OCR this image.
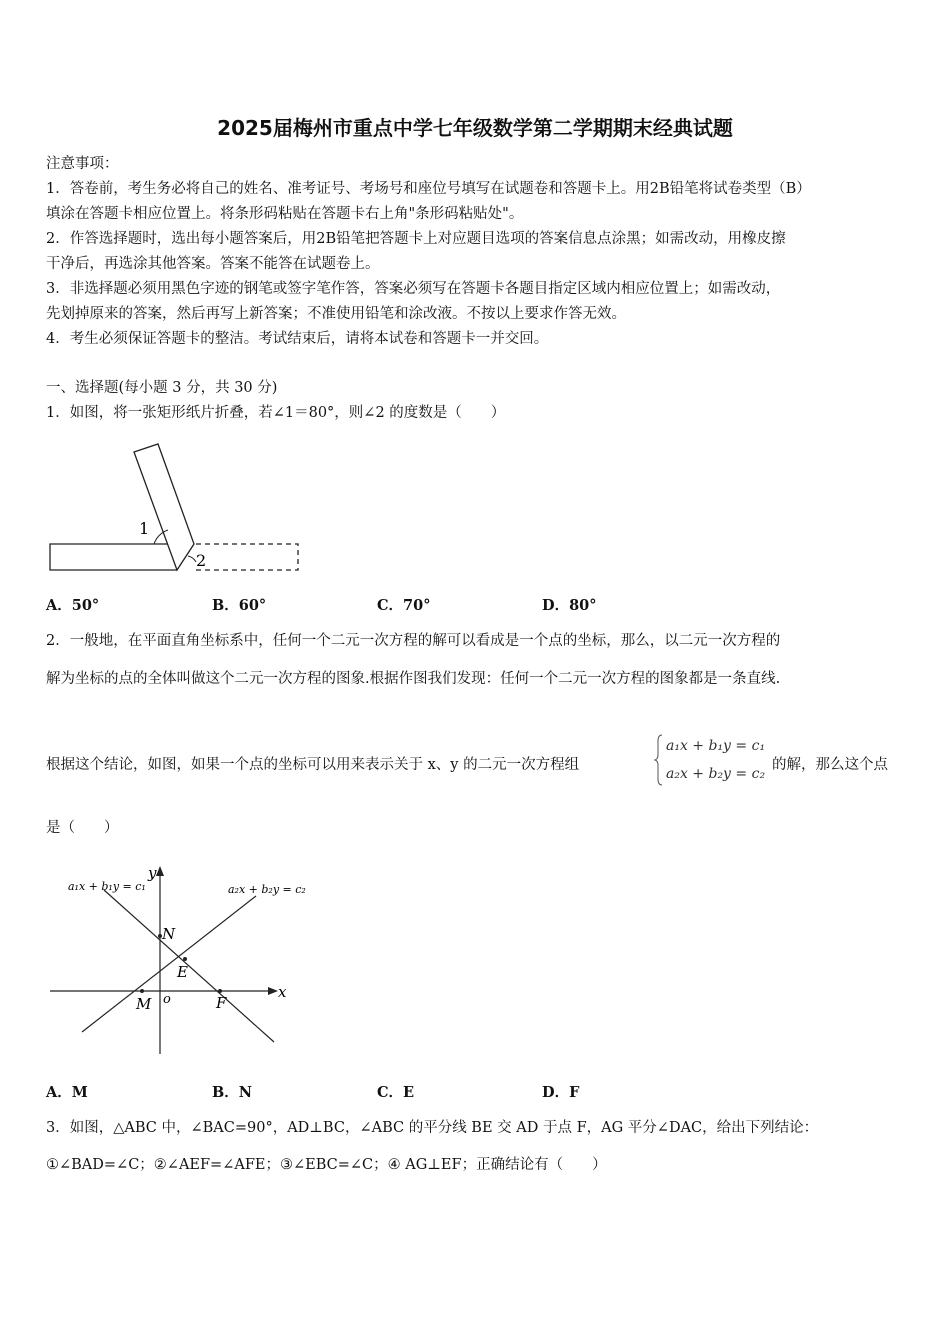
2025届梅州市重点中学七年级数学第二学期期末经典试题
注意事项：
1．答卷前，考生务必将自己的姓名、准考证号、考场号和座位号填写在试题卷和答题卡上。用2B铅笔将试卷类型（B）
填涂在答题卡相应位置上。将条形码粘贴在答题卡右上角"条形码粘贴处"。
2．作答选择题时，选出每小题答案后，用2B铅笔把答题卡上对应题目选项的答案信息点涂黑；如需改动，用橡皮擦
干净后，再选涂其他答案。答案不能答在试题卷上。
3．非选择题必须用黑色字迹的钢笔或签字笔作答，答案必须写在答题卡各题目指定区域内相应位置上；如需改动，
先划掉原来的答案，然后再写上新答案；不准使用铅笔和涂改液。不按以上要求作答无效。
4．考生必须保证答题卡的整洁。考试结束后，请将本试卷和答题卡一并交回。
一、选择题(每小题 3 分，共 30 分)
1．如图，将一张矩形纸片折叠，若∠1＝80°，则∠2 的度数是（　　）
1
2
A．50°	B．60°	C．70°	D．80°
2．一般地，在平面直角坐标系中，任何一个二元一次方程的解可以看成是一个点的坐标，那么，以二元一次方程的
解为坐标的点的全体叫做这个二元一次方程的图象.根据作图我们发现：任何一个二元一次方程的图象都是一条直线.
根据这个结论，如图，如果一个点的坐标可以用来表示关于 x、y 的二元一次方程组
a₁x + b₁y = c₁
a₂x + b₂y = c₂
的解，那么这个点
是（　　）
a₁x + b₁y = c₁	a₂x + b₂y = c₂
y
x
o
N
E
M	F
A．M	B．N	C．E	D．F
3．如图，△ABC 中，∠BAC=90°，AD⊥BC，∠ABC 的平分线 BE 交 AD 于点 F，AG 平分∠DAC，给出下列结论：
①∠BAD=∠C；②∠AEF=∠AFE；③∠EBC=∠C；④ AG⊥EF；正确结论有（　　）
